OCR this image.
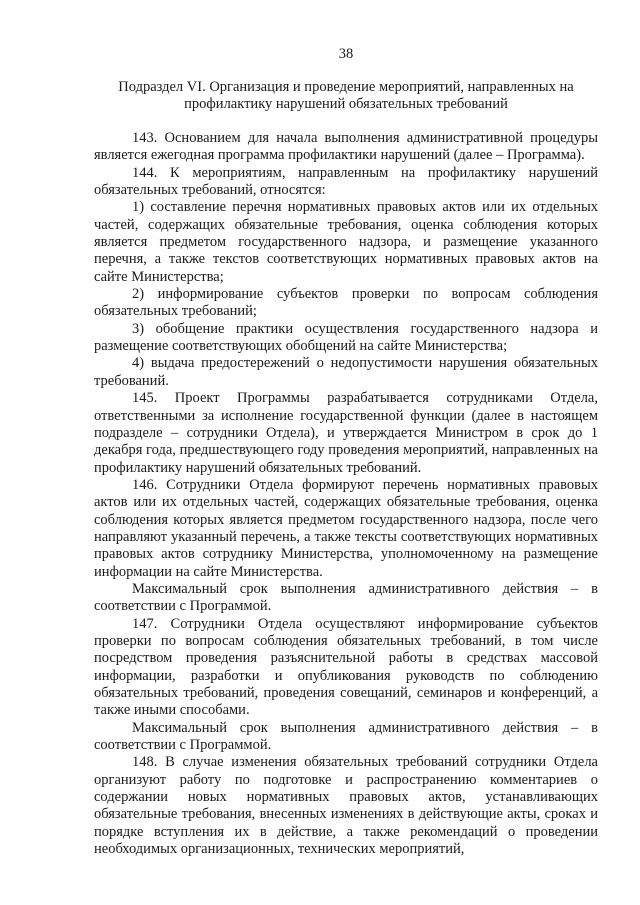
38
Подраздел VI. Организация и проведение мероприятий, направленных на профилактику нарушений обязательных требований

143. Основанием для начала выполнения административной процедуры является ежегодная программа профилактики нарушений (далее – Программа).

144. К мероприятиям, направленным на профилактику нарушений обязательных требований, относятся:

1) составление перечня нормативных правовых актов или их отдельных частей, содержащих обязательные требования, оценка соблюдения которых является предметом государственного надзора, и размещение указанного перечня, а также текстов соответствующих нормативных правовых актов на сайте Министерства;

2) информирование субъектов проверки по вопросам соблюдения обязательных требований;

3) обобщение практики осуществления государственного надзора и размещение соответствующих обобщений на сайте Министерства;

4) выдача предостережений о недопустимости нарушения обязательных требований.

145. Проект Программы разрабатывается сотрудниками Отдела, ответственными за исполнение государственной функции (далее в настоящем подразделе – сотрудники Отдела), и утверждается Министром в срок до 1 декабря года, предшествующего году проведения мероприятий, направленных на профилактику нарушений обязательных требований.

146. Сотрудники Отдела формируют перечень нормативных правовых актов или их отдельных частей, содержащих обязательные требования, оценка соблюдения которых является предметом государственного надзора, после чего направляют указанный перечень, а также тексты соответствующих нормативных правовых актов сотруднику Министерства, уполномоченному на размещение информации на сайте Министерства.

Максимальный срок выполнения административного действия – в соответствии с Программой.

147. Сотрудники Отдела осуществляют информирование субъектов проверки по вопросам соблюдения обязательных требований, в том числе посредством проведения разъяснительной работы в средствах массовой информации, разработки и опубликования руководств по соблюдению обязательных требований, проведения совещаний, семинаров и конференций, а также иными способами.

Максимальный срок выполнения административного действия – в соответствии с Программой.

148. В случае изменения обязательных требований сотрудники Отдела организуют работу по подготовке и распространению комментариев о содержании новых нормативных правовых актов, устанавливающих обязательные требования, внесенных изменениях в действующие акты, сроках и порядке вступления их в действие, а также рекомендаций о проведении необходимых организационных, технических мероприятий,
